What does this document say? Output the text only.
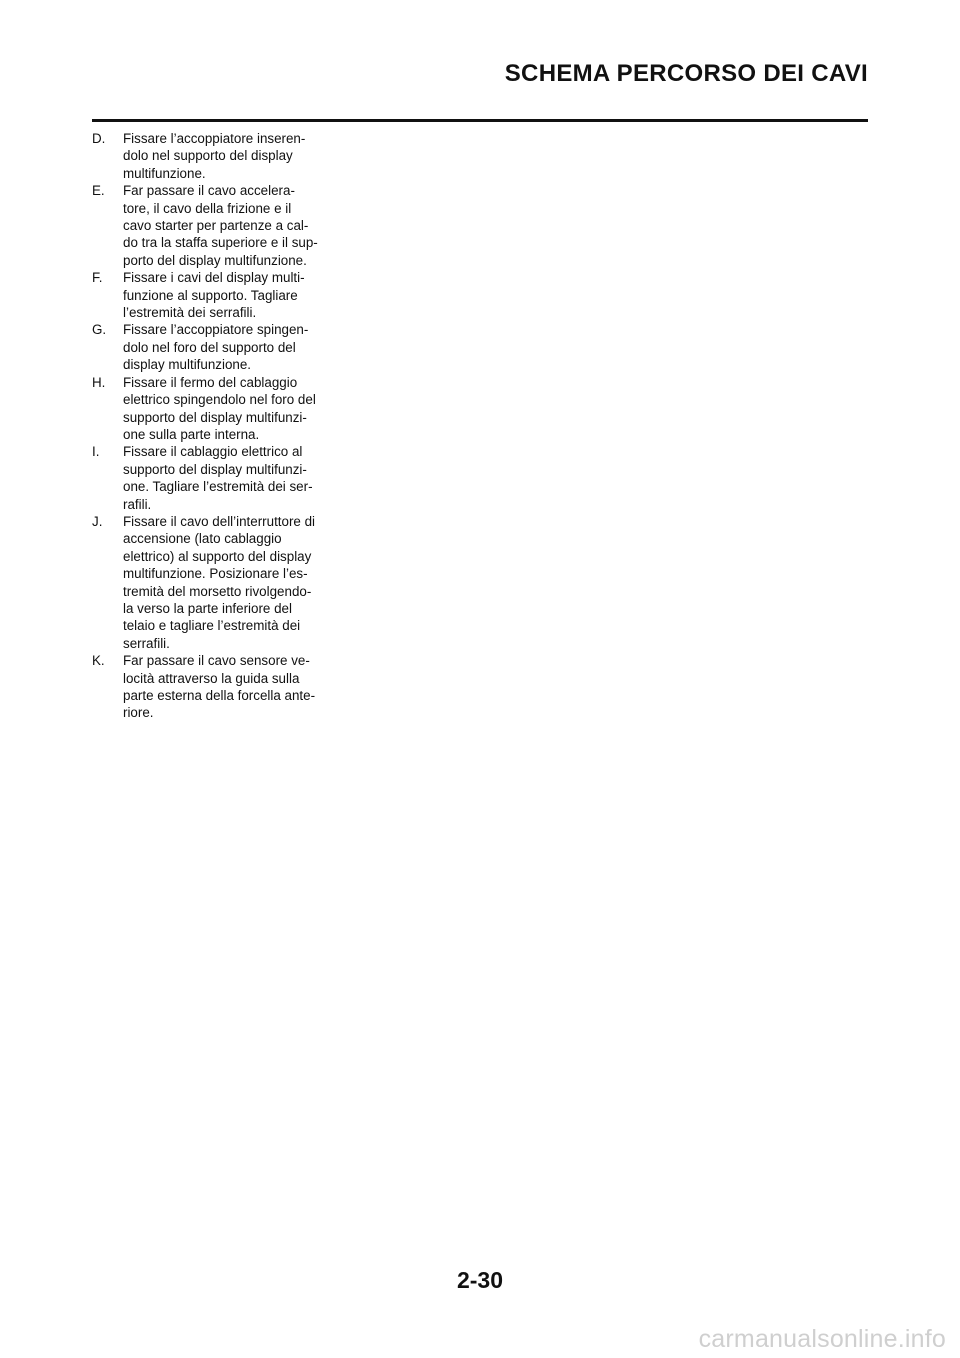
SCHEMA PERCORSO DEI CAVI
D.	Fissare l’accoppiatore inseren-
dolo nel supporto del display
multifunzione.
E.	Far passare il cavo accelera-
tore, il cavo della frizione e il
cavo starter per partenze a cal-
do tra la staffa superiore e il sup-
porto del display multifunzione.
F.	Fissare i cavi del display multi-
funzione al supporto. Tagliare
l’estremità dei serrafili.
G.	Fissare l’accoppiatore spingen-
dolo nel foro del supporto del
display multifunzione.
H.	Fissare il fermo del cablaggio
elettrico spingendolo nel foro del
supporto del display multifunzi-
one sulla parte interna.
I.	Fissare il cablaggio elettrico al
supporto del display multifunzi-
one. Tagliare l’estremità dei ser-
rafili.
J.	Fissare il cavo dell’interruttore di
accensione (lato cablaggio
elettrico) al supporto del display
multifunzione. Posizionare l’es-
tremità del morsetto rivolgendo-
la verso la parte inferiore del
telaio e tagliare l’estremità dei
serrafili.
K.	Far passare il cavo sensore ve-
locità attraverso la guida sulla
parte esterna della forcella ante-
riore.
2-30
carmanualsonline.info
